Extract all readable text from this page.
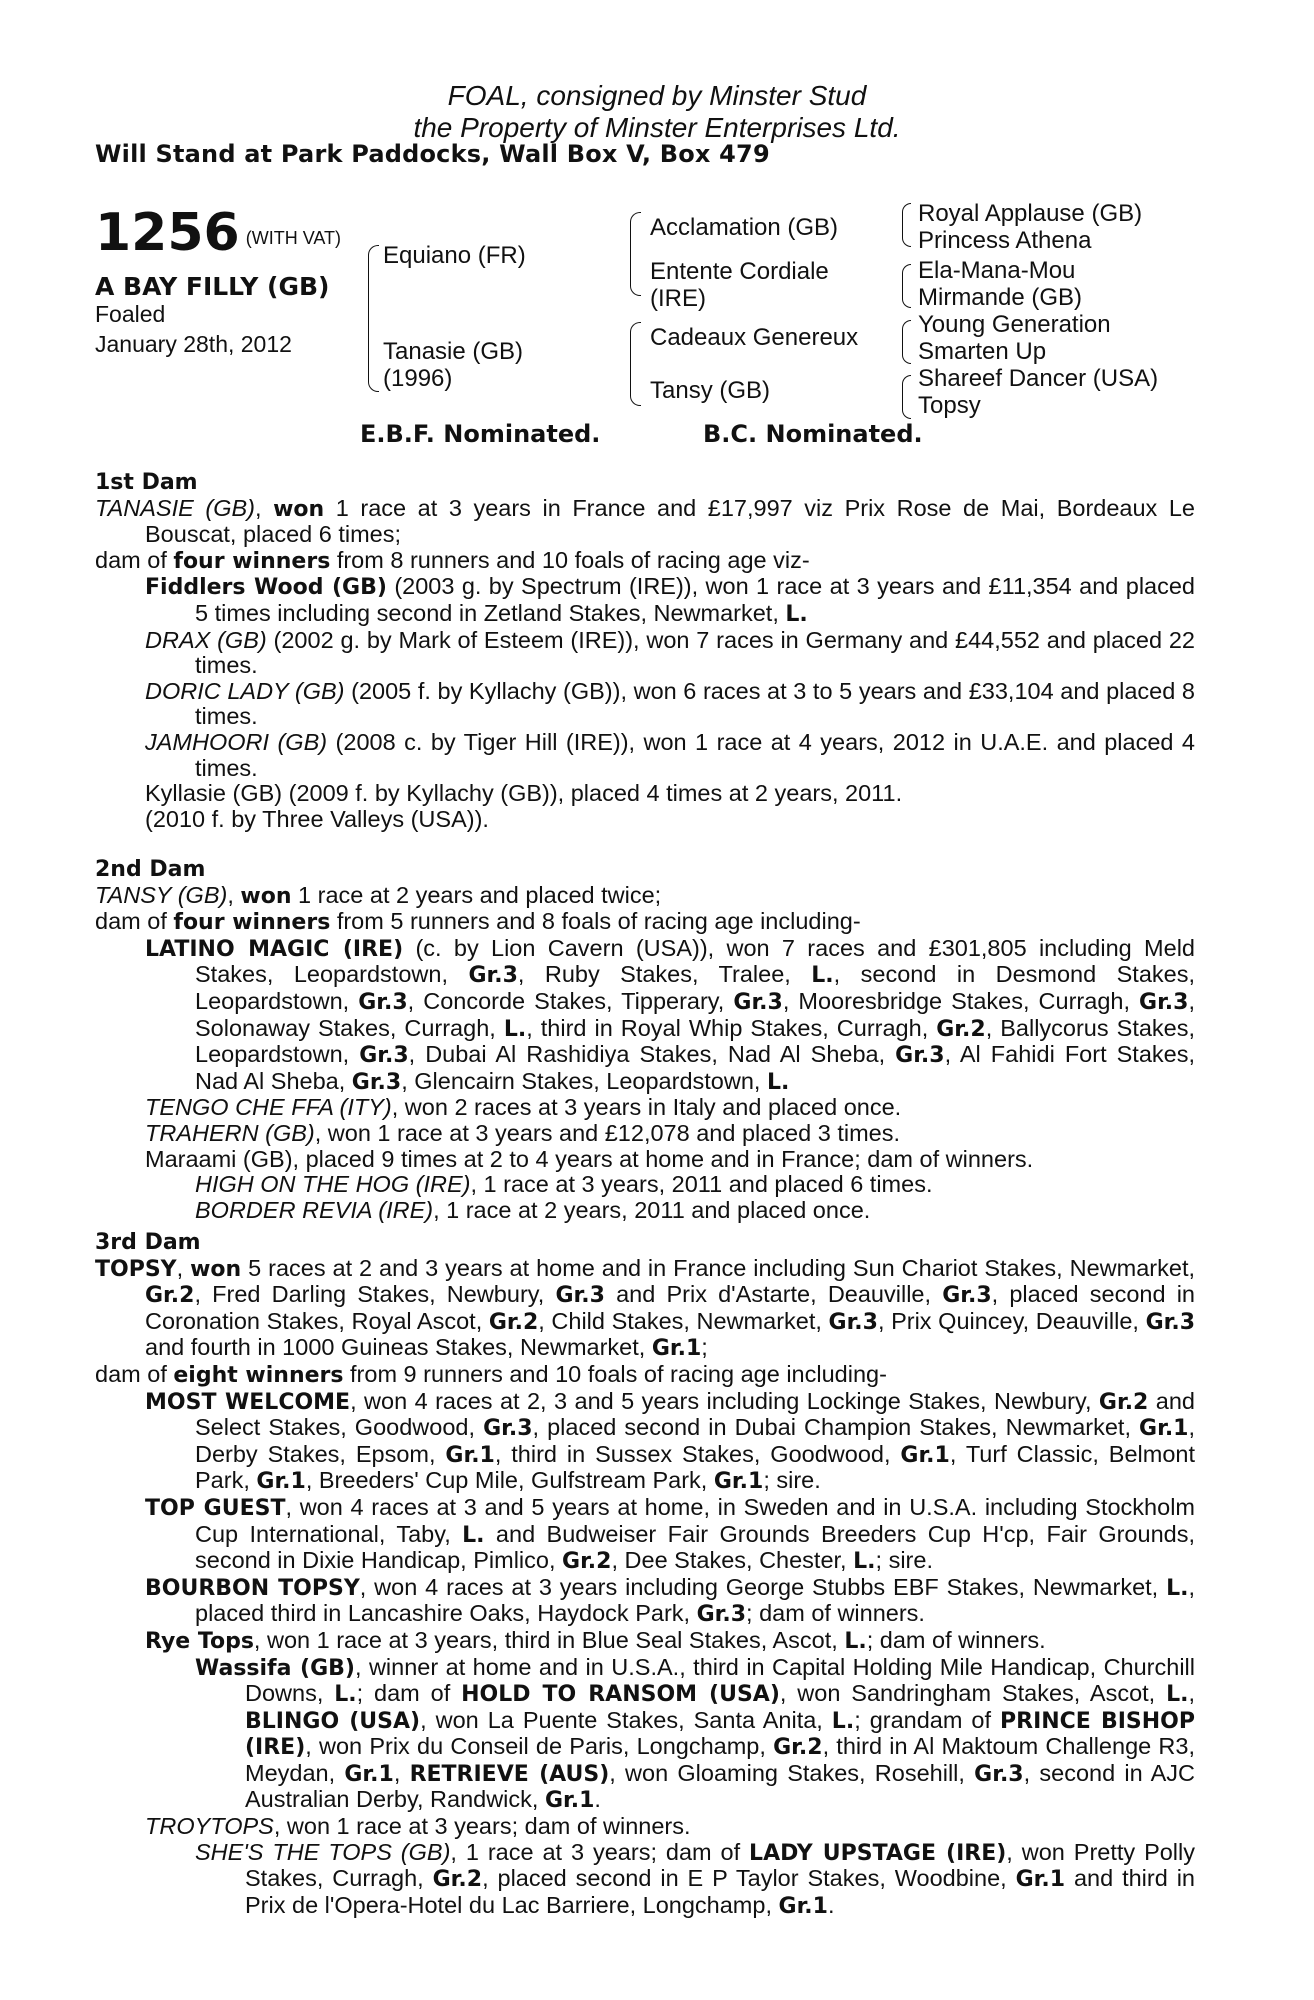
FOAL, consigned by Minster Stud
the Property of Minster Enterprises Ltd.
Will Stand at Park Paddocks, Wall Box V, Box 479
1256 (WITH VAT)
A BAY FILLY (GB)
Foaled
January 28th, 2012
Equiano (FR)
Tanasie (GB)
(1996)
Acclamation (GB)
Entente Cordiale
(IRE)
Cadeaux Genereux
Tansy (GB)
Royal Applause (GB)
Princess Athena
Ela-Mana-Mou
Mirmande (GB)
Young Generation
Smarten Up
Shareef Dancer (USA)
Topsy
E.B.F. Nominated.	B.C. Nominated.
1st Dam

TANASIE (GB), won 1 race at 3 years in France and £17,997 viz Prix Rose de Mai, Bordeaux Le Bouscat, placed 6 times;

dam of four winners from 8 runners and 10 foals of racing age viz-

Fiddlers Wood (GB) (2003 g. by Spectrum (IRE)), won 1 race at 3 years and £11,354 and placed 5 times including second in Zetland Stakes, Newmarket, L.

DRAX (GB) (2002 g. by Mark of Esteem (IRE)), won 7 races in Germany and £44,552 and placed 22 times.

DORIC LADY (GB) (2005 f. by Kyllachy (GB)), won 6 races at 3 to 5 years and £33,104 and placed 8 times.

JAMHOORI (GB) (2008 c. by Tiger Hill (IRE)), won 1 race at 4 years, 2012 in U.A.E. and placed 4 times.

Kyllasie (GB) (2009 f. by Kyllachy (GB)), placed 4 times at 2 years, 2011.

(2010 f. by Three Valleys (USA)).

2nd Dam

TANSY (GB), won 1 race at 2 years and placed twice;

dam of four winners from 5 runners and 8 foals of racing age including-

LATINO MAGIC (IRE) (c. by Lion Cavern (USA)), won 7 races and £301,805 including Meld Stakes, Leopardstown, Gr.3, Ruby Stakes, Tralee, L., second in Desmond Stakes, Leopardstown, Gr.3, Concorde Stakes, Tipperary, Gr.3, Mooresbridge Stakes, Curragh, Gr.3, Solonaway Stakes, Curragh, L., third in Royal Whip Stakes, Curragh, Gr.2, Ballycorus Stakes, Leopardstown, Gr.3, Dubai Al Rashidiya Stakes, Nad Al Sheba, Gr.3, Al Fahidi Fort Stakes, Nad Al Sheba, Gr.3, Glencairn Stakes, Leopardstown, L.

TENGO CHE FFA (ITY), won 2 races at 3 years in Italy and placed once.

TRAHERN (GB), won 1 race at 3 years and £12,078 and placed 3 times.

Maraami (GB), placed 9 times at 2 to 4 years at home and in France; dam of winners.

HIGH ON THE HOG (IRE), 1 race at 3 years, 2011 and placed 6 times.

BORDER REVIA (IRE), 1 race at 2 years, 2011 and placed once.

3rd Dam

TOPSY, won 5 races at 2 and 3 years at home and in France including Sun Chariot Stakes, Newmarket, Gr.2, Fred Darling Stakes, Newbury, Gr.3 and Prix d'Astarte, Deauville, Gr.3, placed second in Coronation Stakes, Royal Ascot, Gr.2, Child Stakes, Newmarket, Gr.3, Prix Quincey, Deauville, Gr.3 and fourth in 1000 Guineas Stakes, Newmarket, Gr.1;

dam of eight winners from 9 runners and 10 foals of racing age including-

MOST WELCOME, won 4 races at 2, 3 and 5 years including Lockinge Stakes, Newbury, Gr.2 and Select Stakes, Goodwood, Gr.3, placed second in Dubai Champion Stakes, Newmarket, Gr.1, Derby Stakes, Epsom, Gr.1, third in Sussex Stakes, Goodwood, Gr.1, Turf Classic, Belmont Park, Gr.1, Breeders' Cup Mile, Gulfstream Park, Gr.1; sire.

TOP GUEST, won 4 races at 3 and 5 years at home, in Sweden and in U.S.A. including Stockholm Cup International, Taby, L. and Budweiser Fair Grounds Breeders Cup H'cp, Fair Grounds, second in Dixie Handicap, Pimlico, Gr.2, Dee Stakes, Chester, L.; sire.

BOURBON TOPSY, won 4 races at 3 years including George Stubbs EBF Stakes, Newmarket, L., placed third in Lancashire Oaks, Haydock Park, Gr.3; dam of winners.

Rye Tops, won 1 race at 3 years, third in Blue Seal Stakes, Ascot, L.; dam of winners.

Wassifa (GB), winner at home and in U.S.A., third in Capital Holding Mile Handicap, Churchill Downs, L.; dam of HOLD TO RANSOM (USA), won Sandringham Stakes, Ascot, L., BLINGO (USA), won La Puente Stakes, Santa Anita, L.; grandam of PRINCE BISHOP (IRE), won Prix du Conseil de Paris, Longchamp, Gr.2, third in Al Maktoum Challenge R3, Meydan, Gr.1, RETRIEVE (AUS), won Gloaming Stakes, Rosehill, Gr.3, second in AJC Australian Derby, Randwick, Gr.1.

TROYTOPS, won 1 race at 3 years; dam of winners.

SHE'S THE TOPS (GB), 1 race at 3 years; dam of LADY UPSTAGE (IRE), won Pretty Polly Stakes, Curragh, Gr.2, placed second in E P Taylor Stakes, Woodbine, Gr.1 and third in Prix de l'Opera-Hotel du Lac Barriere, Longchamp, Gr.1.
